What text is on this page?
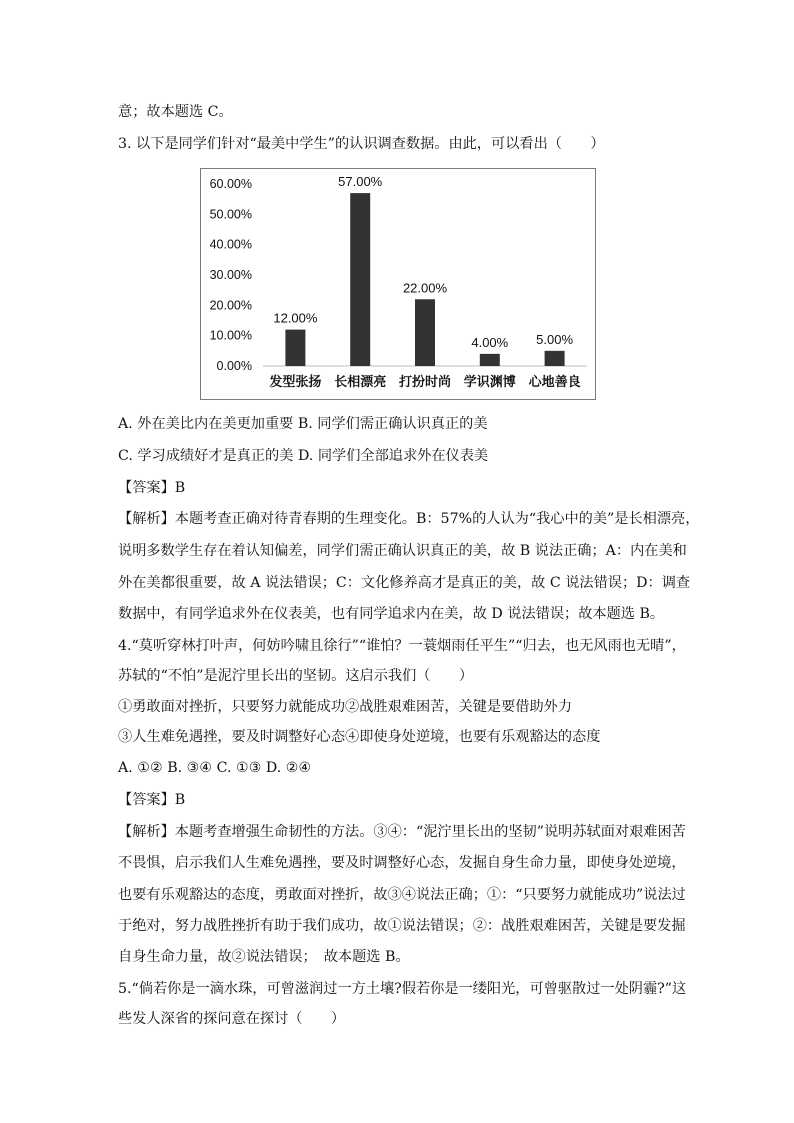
意；故本题选 C。
3. 以下是同学们针对“最美中学生”的认识调查数据。由此，可以看出（　　）
0.00%
10.00%
20.00%
30.00%
40.00%
50.00%
60.00%
12.00%
发型张扬
57.00%
长相漂亮
22.00%
打扮时尚
4.00%
学识渊博
5.00%
心地善良
A. 外在美比内在美更加重要 B. 同学们需正确认识真正的美
C. 学习成绩好才是真正的美 D. 同学们全部追求外在仪表美
【答案】B
【解析】本题考查正确对待青春期的生理变化。B：57%的人认为“我心中的美”是长相漂亮，
说明多数学生存在着认知偏差，同学们需正确认识真正的美，故 B 说法正确；A：内在美和
外在美都很重要，故 A 说法错误；C：文化修养高才是真正的美，故 C 说法错误；D：调查
数据中，有同学追求外在仪表美，也有同学追求内在美，故 D 说法错误；故本题选 B。
4.“莫听穿林打叶声，何妨吟啸且徐行”“谁怕？一蓑烟雨任平生”“归去，也无风雨也无晴”，
苏轼的“不怕”是泥泞里长出的坚韧。这启示我们（　　）
①勇敢面对挫折，只要努力就能成功②战胜艰难困苦，关键是要借助外力
③人生难免遇挫，要及时调整好心态④即使身处逆境，也要有乐观豁达的态度
A. ①② B. ③④ C. ①③ D. ②④
【答案】B
【解析】本题考查增强生命韧性的方法。③④：“泥泞里长出的坚韧”说明苏轼面对艰难困苦
不畏惧，启示我们人生难免遇挫，要及时调整好心态，发掘自身生命力量，即使身处逆境，
也要有乐观豁达的态度，勇敢面对挫折，故③④说法正确；①：“只要努力就能成功”说法过
于绝对，努力战胜挫折有助于我们成功，故①说法错误；②：战胜艰难困苦，关键是要发掘
自身生命力量，故②说法错误；　故本题选 B。
5.“倘若你是一滴水珠，可曾滋润过一方土壤?假若你是一缕阳光，可曾驱散过一处阴霾?”这
些发人深省的探问意在探讨（　　）
